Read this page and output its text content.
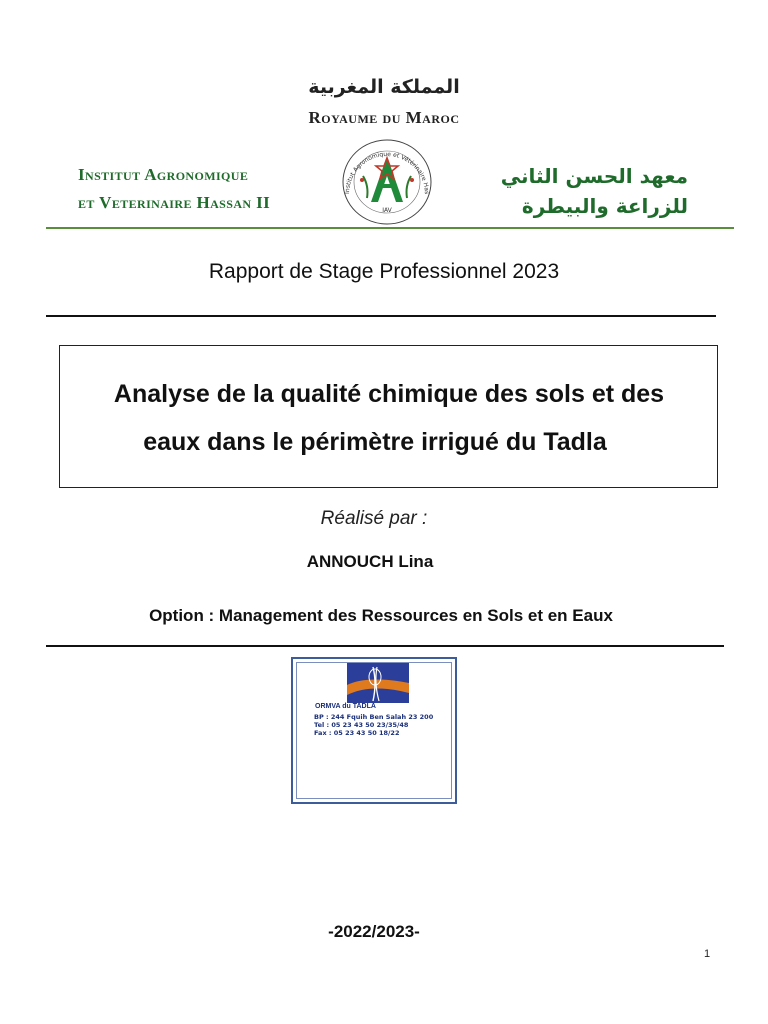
المملكة المغربية
Royaume du Maroc
Institut Agronomique
et Veterinaire Hassan II
معهد الحسن الثاني
للزراعة والبيطرة
Institut Agronomique et Vétérinaire Has
IAV
Rapport de Stage Professionnel 2023
Analyse de la qualité chimique des sols et des
eaux dans le périmètre irrigué du Tadla
Réalisé par :
ANNOUCH Lina
Option : Management des Ressources en Sols et en Eaux
ORMVA du TADLA
BP : 244 Fquih Ben Salah 23 200
Tel : 05 23 43 50 23/35/48
Fax : 05 23 43 50 18/22
-2022/2023-
1
